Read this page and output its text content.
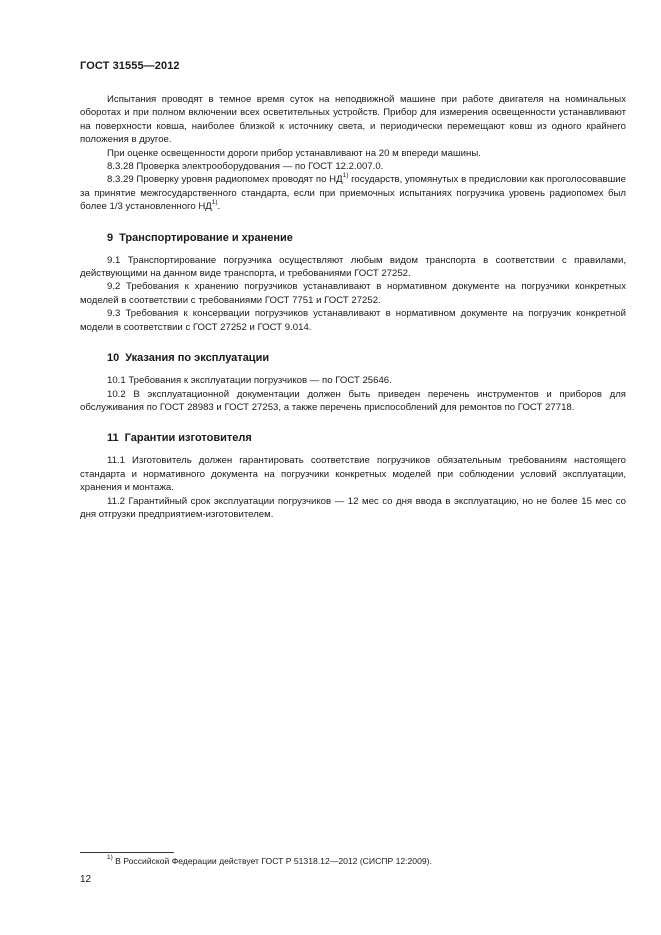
ГОСТ 31555—2012

Испытания проводят в темное время суток на неподвижной машине при работе двигателя на номинальных оборотах и при полном включении всех осветительных устройств. Прибор для измерения освещенности устанавливают на поверхности ковша, наиболее близкой к источнику света, и периодически перемещают ковш из одного крайнего положения в другое.

При оценке освещенности дороги прибор устанавливают на 20 м впереди машины.

8.3.28 Проверка электрооборудования — по ГОСТ 12.2.007.0.

8.3.29 Проверку уровня радиопомех проводят по НД$^{1)}$ государств, упомянутых в предисловии как проголосовавшие за принятие межгосударственного стандарта, если при приемочных испытаниях погрузчика уровень радиопомех был более 1/3 установленного НД$^{1)}$.

9 Транспортирование и хранение

9.1 Транспортирование погрузчика осуществляют любым видом транспорта в соответствии с правилами, действующими на данном виде транспорта, и требованиями ГОСТ 27252.

9.2 Требования к хранению погрузчиков устанавливают в нормативном документе на погрузчики конкретных моделей в соответствии с требованиями ГОСТ 7751 и ГОСТ 27252.

9.3 Требования к консервации погрузчиков устанавливают в нормативном документе на погрузчик конкретной модели в соответствии с ГОСТ 27252 и ГОСТ 9.014.

10 Указания по эксплуатации

10.1 Требования к эксплуатации погрузчиков — по ГОСТ 25646.

10.2 В эксплуатационной документации должен быть приведен перечень инструментов и приборов для обслуживания по ГОСТ 28983 и ГОСТ 27253, а также перечень приспособлений для ремонтов по ГОСТ 27718.

11 Гарантии изготовителя

11.1 Изготовитель должен гарантировать соответствие погрузчиков обязательным требованиям настоящего стандарта и нормативного документа на погрузчики конкретных моделей при соблюдении условий эксплуатации, хранения и монтажа.

11.2 Гарантийный срок эксплуатации погрузчиков — 12 мес со дня ввода в эксплуатацию, но не более 15 мес со дня отгрузки предприятием-изготовителем.

$^{1)}$ В Российской Федерации действует ГОСТ Р 51318.12—2012 (СИСПР 12:2009).
12
